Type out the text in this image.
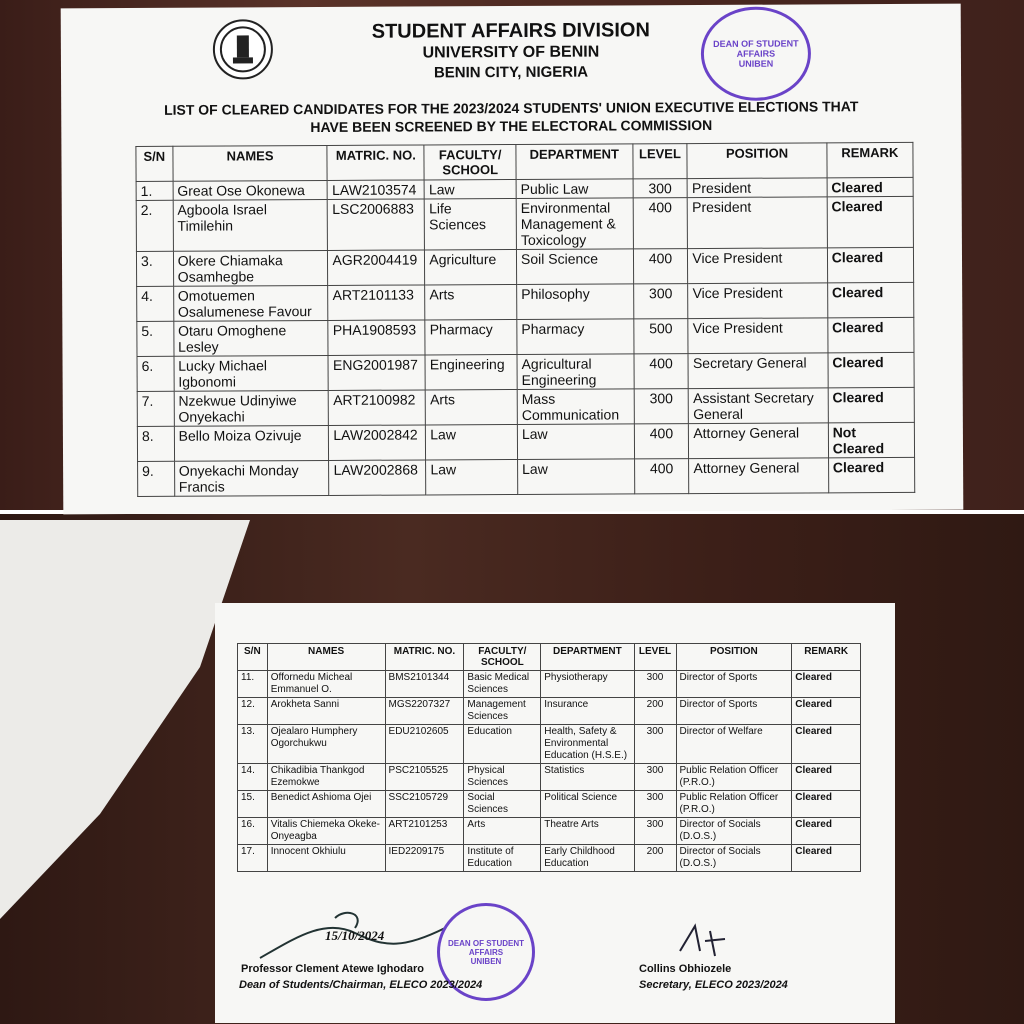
STUDENT AFFAIRS DIVISION
UNIVERSITY OF BENIN
BENIN CITY, NIGERIA
DEAN OF STUDENT AFFAIRS
UNIBEN
LIST OF CLEARED CANDIDATES FOR THE 2023/2024 STUDENTS' UNION EXECUTIVE ELECTIONS THAT
HAVE BEEN SCREENED BY THE ELECTORAL COMMISSION
S/N	NAMES	MATRIC. NO.	FACULTY/ SCHOOL	DEPARTMENT	LEVEL	POSITION	REMARK
1.	Great Ose Okonewa	LAW2103574	Law	Public Law	300	President	Cleared
2.	Agboola Israel Timilehin	LSC2006883	Life Sciences	Environmental Management & Toxicology	400	President	Cleared
3.	Okere Chiamaka Osamhegbe	AGR2004419	Agriculture	Soil Science	400	Vice President	Cleared
4.	Omotuemen Osalumenese Favour	ART2101133	Arts	Philosophy	300	Vice President	Cleared
5.	Otaru Omoghene Lesley	PHA1908593	Pharmacy	Pharmacy	500	Vice President	Cleared
6.	Lucky Michael Igbonomi	ENG2001987	Engineering	Agricultural Engineering	400	Secretary General	Cleared
7.	Nzekwue Udinyiwe Onyekachi	ART2100982	Arts	Mass Communication	300	Assistant Secretary General	Cleared
8.	Bello Moiza Ozivuje	LAW2002842	Law	Law	400	Attorney General	Not Cleared
9.	Onyekachi Monday Francis	LAW2002868	Law	Law	400	Attorney General	Cleared
S/N	NAMES	MATRIC. NO.	FACULTY/ SCHOOL	DEPARTMENT	LEVEL	POSITION	REMARK
11.	Offornedu Micheal Emmanuel O.	BMS2101344	Basic Medical Sciences	Physiotherapy	300	Director of Sports	Cleared
12.	Arokheta Sanni	MGS2207327	Management Sciences	Insurance	200	Director of Sports	Cleared
13.	Ojealaro Humphery Ogorchukwu	EDU2102605	Education	Health, Safety & Environmental Education (H.S.E.)	300	Director of Welfare	Cleared
14.	Chikadibia Thankgod Ezemokwe	PSC2105525	Physical Sciences	Statistics	300	Public Relation Officer (P.R.O.)	Cleared
15.	Benedict Ashioma Ojei	SSC2105729	Social Sciences	Political Science	300	Public Relation Officer (P.R.O.)	Cleared
16.	Vitalis Chiemeka Okeke-Onyeagba	ART2101253	Arts	Theatre Arts	300	Director of Socials (D.O.S.)	Cleared
17.	Innocent Okhiulu	IED2209175	Institute of Education	Early Childhood Education	200	Director of Socials (D.O.S.)	Cleared
15/10/2024	DEAN OF STUDENT AFFAIRS
UNIBEN
Professor Clement Atewe Ighodaro
Dean of Students/Chairman, ELECO 2023/2024
Collins Obhiozele
Secretary, ELECO 2023/2024
